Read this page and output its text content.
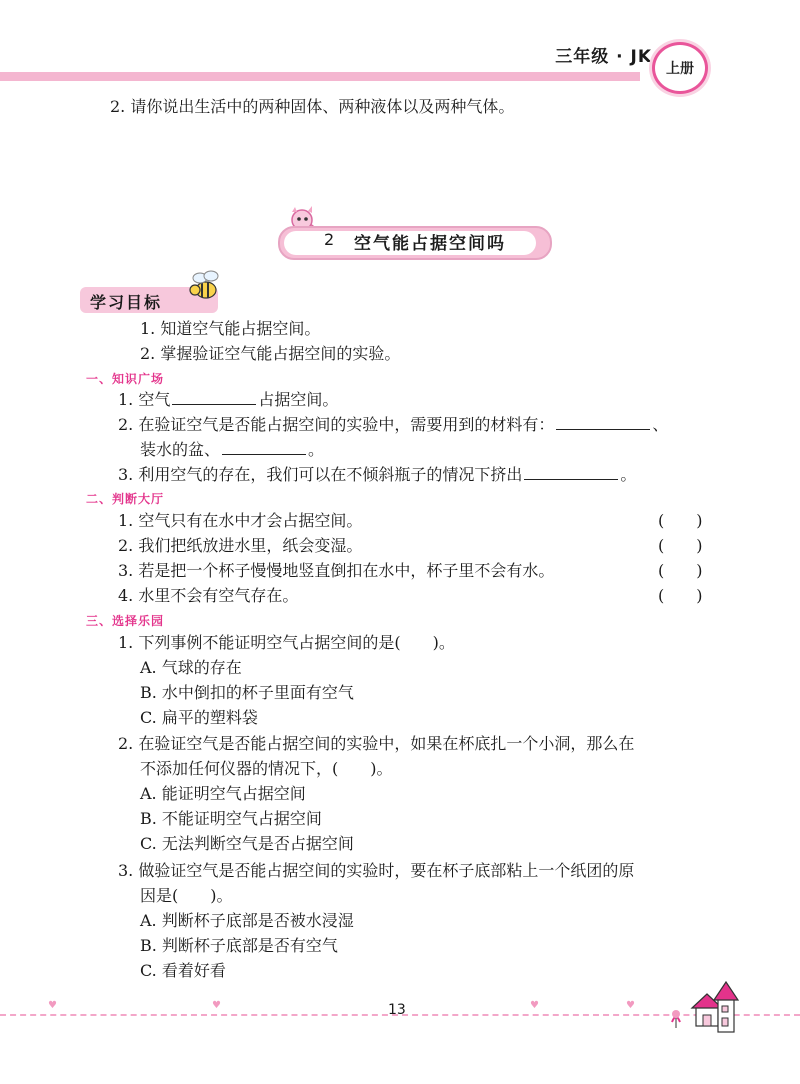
三年级 · JK
上册
2. 请你说出生活中的两种固体、两种液体以及两种气体。
2 空气能占据空间吗
学习目标
1. 知道空气能占据空间。
2. 掌握验证空气能占据空间的实验。
一、知识广场
1. 空气	占据空间。
2. 在验证空气是否能占据空间的实验中，需要用到的材料有：	、
装水的盆、	。
3. 利用空气的存在，我们可以在不倾斜瓶子的情况下挤出	。
二、判断大厅
1. 空气只有在水中才会占据空间。	(　　)
2. 我们把纸放进水里，纸会变湿。	(　　)
3. 若是把一个杯子慢慢地竖直倒扣在水中，杯子里不会有水。	(　　)
4. 水里不会有空气存在。	(　　)
三、选择乐园
1. 下列事例不能证明空气占据空间的是(　　)。
A. 气球的存在
B. 水中倒扣的杯子里面有空气
C. 扁平的塑料袋
2. 在验证空气是否能占据空间的实验中，如果在杯底扎一个小洞，那么在
不添加任何仪器的情况下，(　　)。
A. 能证明空气占据空间
B. 不能证明空气占据空间
C. 无法判断空气是否占据空间
3. 做验证空气是否能占据空间的实验时，要在杯子底部粘上一个纸团的原
因是(　　)。
A. 判断杯子底部是否被水浸湿
B. 判断杯子底部是否有空气
C. 看着好看
13
♥	♥	♥	♥
